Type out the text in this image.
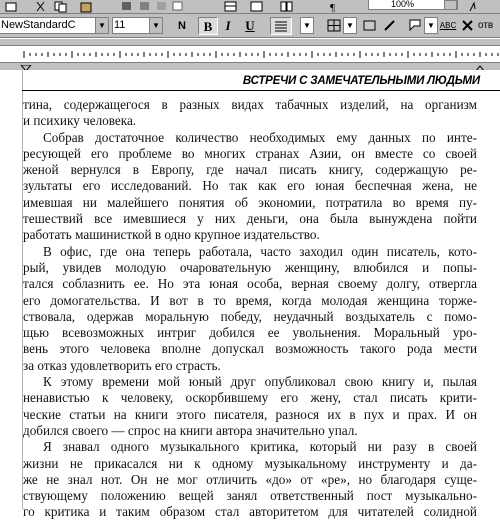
¶	100%
NewStandardC	▼ 11	▼	N	B	I	U	▼	▼	▼ ABC отв
ВСТРЕЧИ С ЗАМЕЧАТЕЛЬНЫМИ ЛЮДЬМИ
тина, содержащегося в разных видах табачных изделий, на организм
и психику человека.
Собрав достаточное количество необходимых ему данных по инте-
ресующей его проблеме во многих странах Азии, он вместе со своей
женой вернулся в Европу, где начал писать книгу, содержащую ре-
зультаты его исследований. Но так как его юная беспечная жена, не
имевшая ни малейшего понятия об экономии, потратила во время пу-
тешествий все имевшиеся у них деньги, она была вынуждена пойти
работать машинисткой в одно крупное издательство.
В офис, где она теперь работала, часто заходил один писатель, кото-
рый, увидев молодую очаровательную женщину, влюбился и попы-
тался соблазнить ее. Но эта юная особа, верная своему долгу, отвергла
его домогательства. И вот в то время, когда молодая женщина торже-
ствовала, одержав моральную победу, неудачный воздыхатель с помо-
щью всевозможных интриг добился ее увольнения. Моральный уро-
вень этого человека вполне допускал возможность такого рода мести
за отказ удовлетворить его страсть.
К этому времени мой юный друг опубликовал свою книгу и, пылая
ненавистью к человеку, оскорбившему его жену, стал писать крити-
ческие статьи на книги этого писателя, разнося их в пух и прах. И он
добился своего — спрос на книги автора значительно упал.
Я знавал одного музыкального критика, который ни разу в своей
жизни не прикасался ни к одному музыкальному инструменту и да-
же не знал нот. Он не мог отличить «до» от «ре», но благодаря суще-
ствующему положению вещей занял ответственный пост музыкально-
го критика и таким образом стал авторитетом для читателей солидной
